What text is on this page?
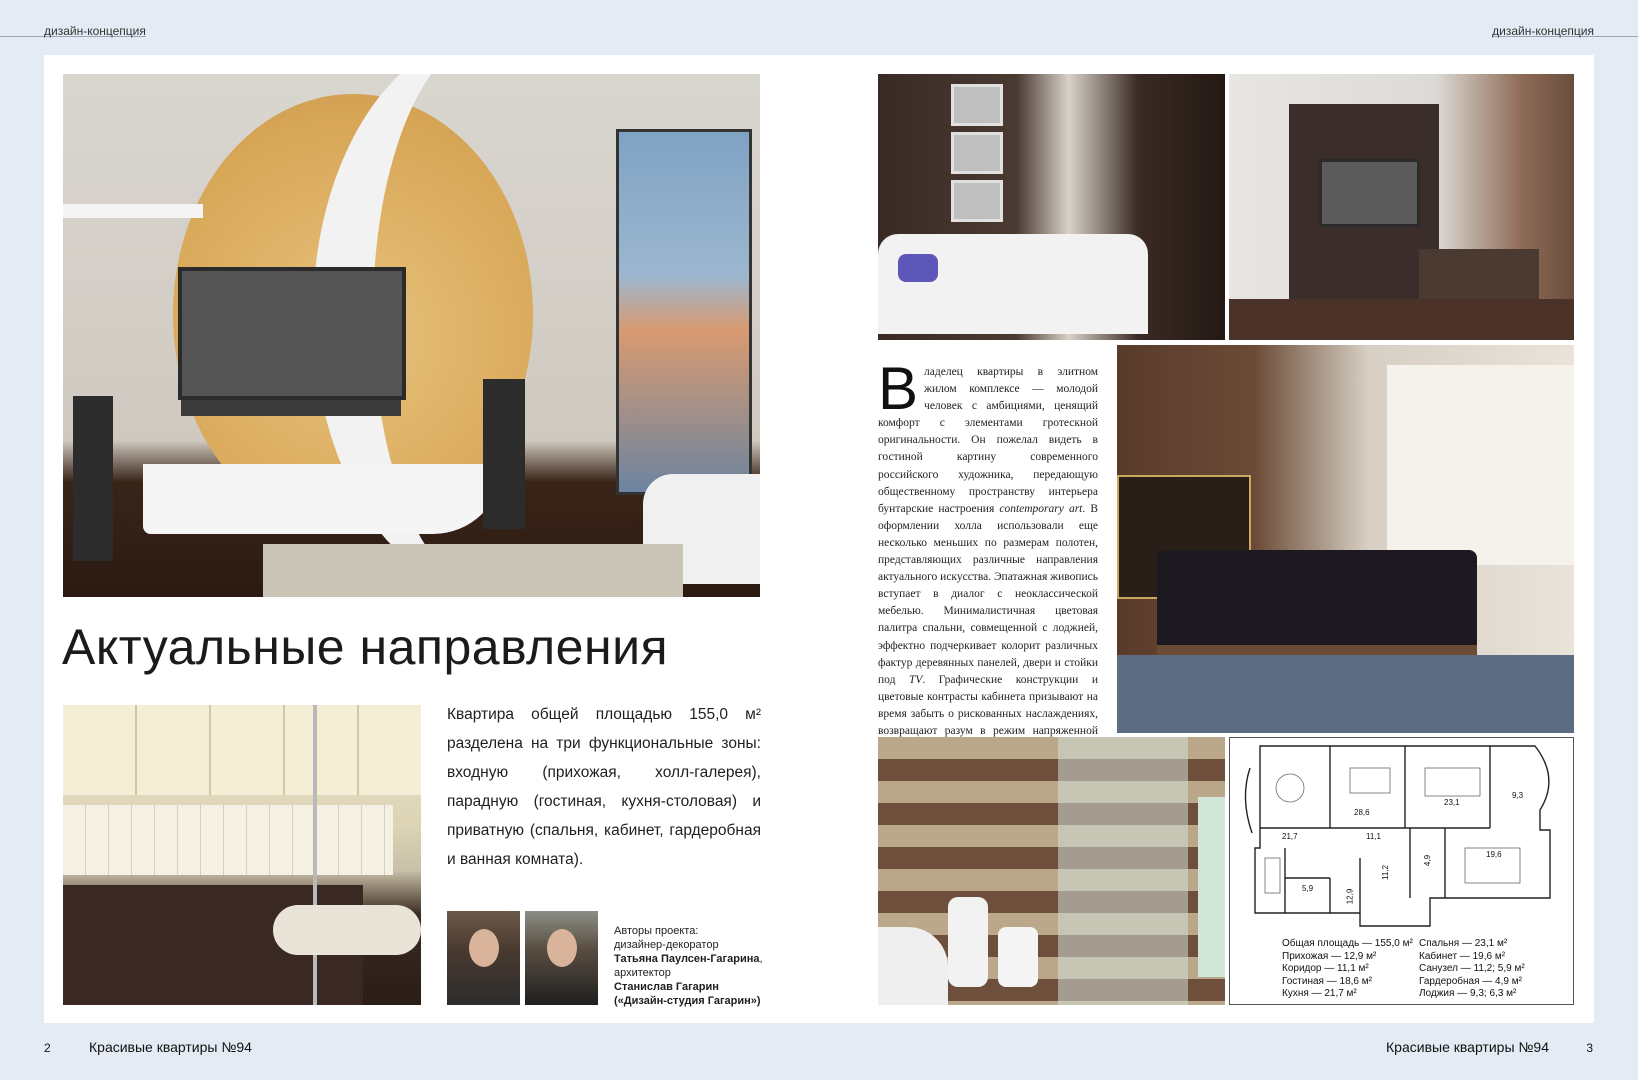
дизайн-концепция	дизайн-концепция
Актуальные направления
Квартира общей площадью 155,0 м² разделена на три функциональные зоны: входную (прихожая, холл-галерея), парадную (гостиная, кухня-столовая) и приватную (спальня, кабинет, гардеробная и ванная комната).
Авторы проекта:
дизайнер-декоратор
Татьяна Паулсен-Гагарина,
архитектор
Станислав Гагарин
(«Дизайн-студия Гагарин»)
Владелец квартиры в элитном жилом комплексе — молодой человек с амбициями, ценящий комфорт с элементами гротескной оригинальности. Он пожелал видеть в гостиной картину современного российского художника, передающую общественному пространству интерьера бунтарские настроения contemporary art. В оформлении холла использовали еще несколько меньших по размерам полотен, представляющих различные направления актуального искусства. Эпатажная живопись вступает в диалог с неоклассической мебелью. Минималистичная цветовая палитра спальни, совмещенной с лоджией, эффектно подчеркивает колорит различных фактур деревянных панелей, двери и стойки под TV. Графические конструкции и цветовые контрасты кабинета призывают на время забыть о рискованных наслаждениях, возвращают разум в режим напряженной
28,6
23,1
9,3
21,7	11,1
19,6
4,9
11,2
5,9
12,9
Общая площадь — 155,0 м²
Прихожая — 12,9 м²
Коридор — 11,1 м²
Гостиная — 18,6 м²
Кухня — 21,7 м²
Спальня — 23,1 м²
Кабинет — 19,6 м²
Санузел — 11,2; 5,9 м²
Гардеробная — 4,9 м²
Лоджия — 9,3; 6,3 м²
2	Красивые квартиры №94	Красивые квартиры №94	3
